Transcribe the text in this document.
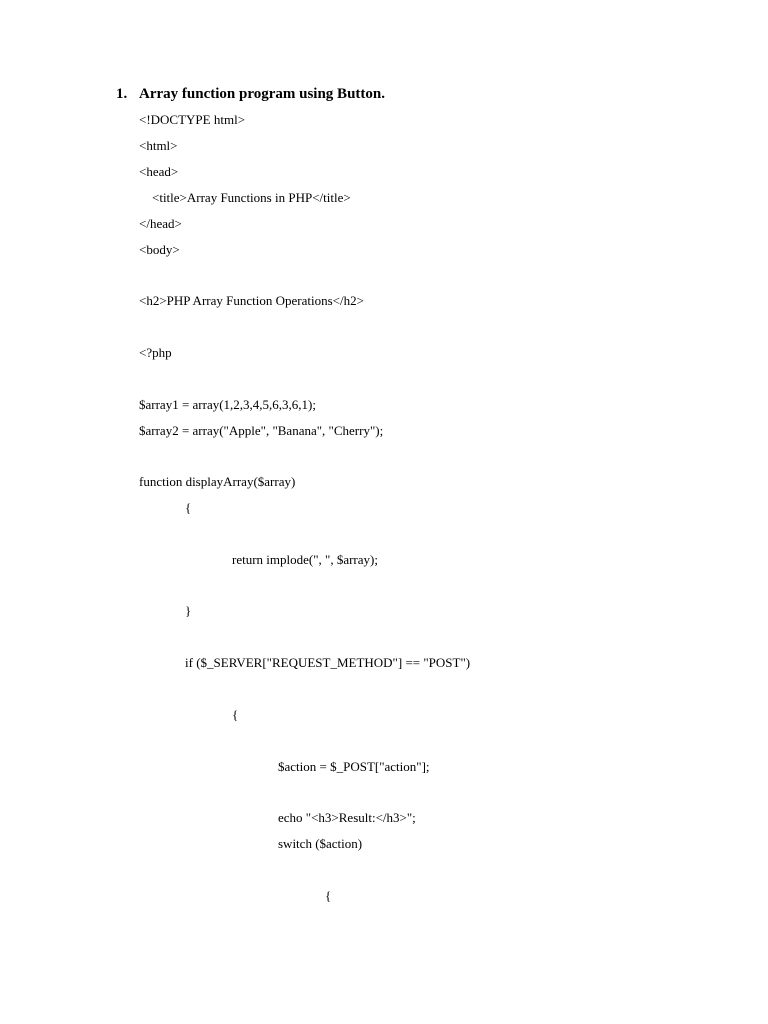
1. Array function program using Button.
<!DOCTYPE html>
<html>
<head>
<title>Array Functions in PHP</title>
</head>
<body>
<h2>PHP Array Function Operations</h2>
<?php
$array1 = array(1,2,3,4,5,6,3,6,1);
$array2 = array("Apple", "Banana", "Cherry");
function displayArray($array)
{
return implode(", ", $array);
}
if ($_SERVER["REQUEST_METHOD"] == "POST")
{
$action = $_POST["action"];
echo "<h3>Result:</h3>";
switch ($action)
{
